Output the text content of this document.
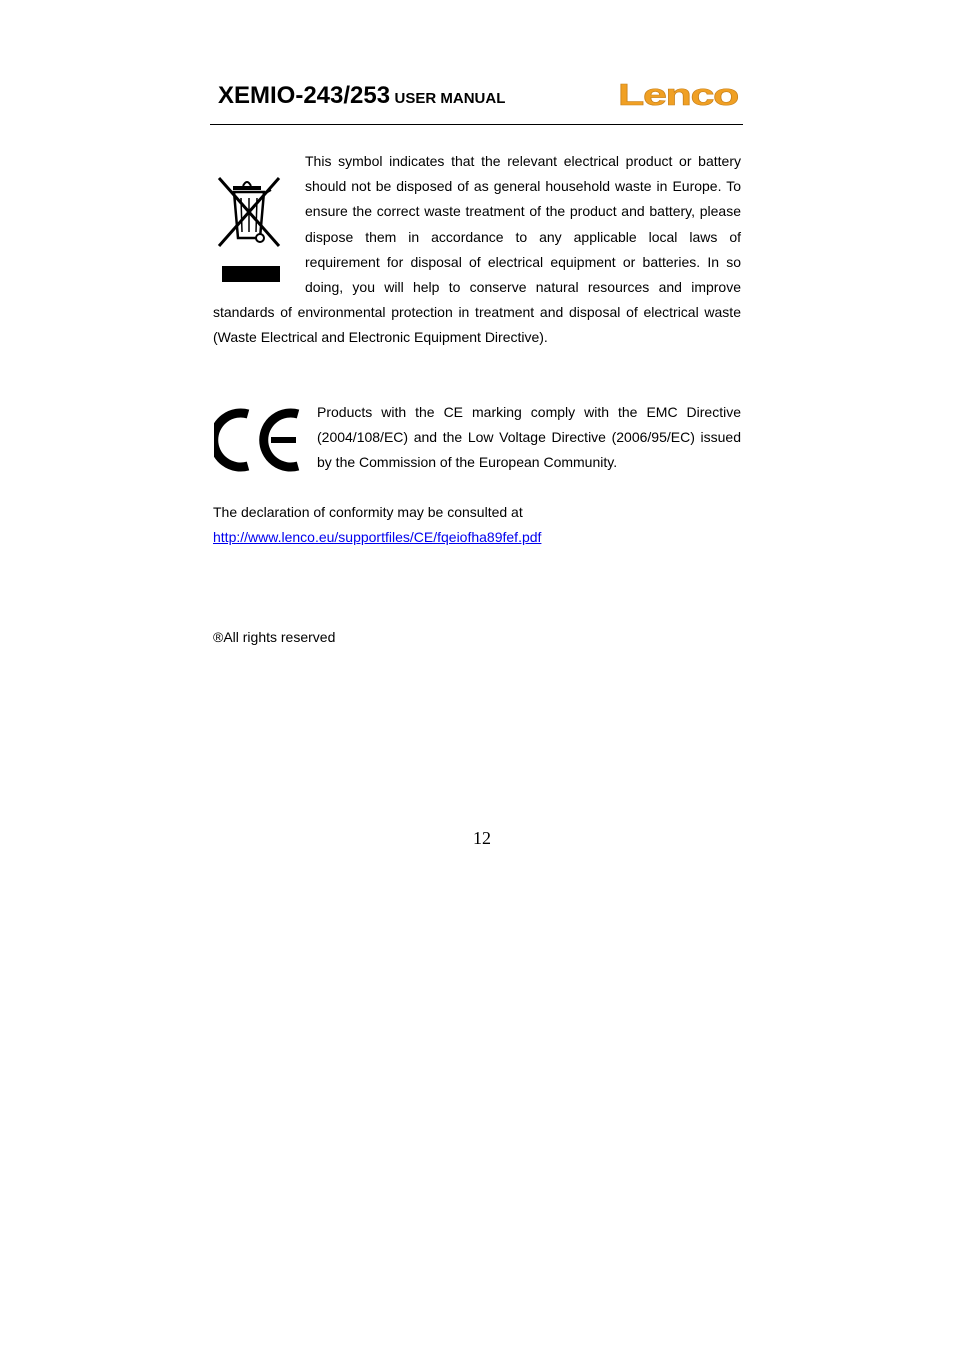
XEMIO-243/253 USER MANUAL	Lenco

This symbol indicates that the relevant electrical product or battery should not be disposed of as general household waste in Europe. To ensure the correct waste treatment of the product and battery, please dispose them in accordance to any applicable local laws of requirement for disposal of electrical equipment or batteries. In so doing, you will help to conserve natural resources and improve standards of environmental protection in treatment and disposal of electrical waste (Waste Electrical and Electronic Equipment Directive).

Products with the CE marking comply with the EMC Directive (2004/108/EC) and the Low Voltage Directive (2006/95/EC) issued by the Commission of the European Community.

The declaration of conformity may be consulted at

http://www.lenco.eu/supportfiles/CE/fqeiofha89fef.pdf

®All rights reserved

12
